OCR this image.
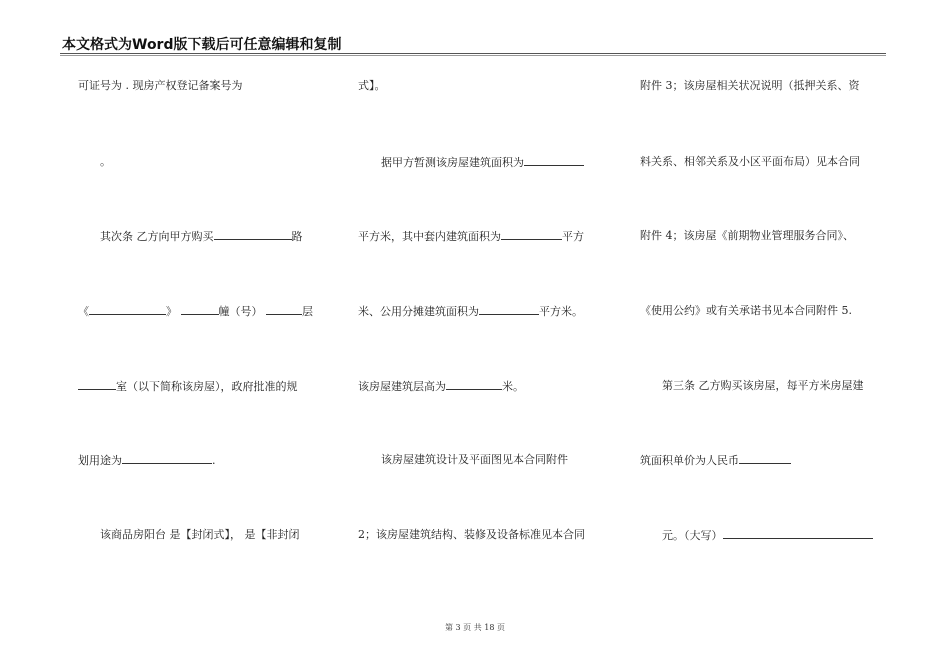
本文格式为Word版下载后可任意编辑和复制
可证号为 . 现房产权登记备案号为
。
其次条 乙方向甲方购买	路
《	》	幢（号）	层
室（以下简称该房屋），政府批准的规
划用途为	.
该商品房阳台 是【封闭式】， 是【非封闭
式】。
据甲方暂测该房屋建筑面积为
平方米，其中套内建筑面积为	平方
米、公用分摊建筑面积为	平方米。
该房屋建筑层高为	米。
该房屋建筑设计及平面图见本合同附件
2；该房屋建筑结构、装修及设备标准见本合同
附件 3；该房屋相关状况说明（抵押关系、资
料关系、相邻关系及小区平面布局）见本合同
附件 4；该房屋《前期物业管理服务合同》、
《使用公约》或有关承诺书见本合同附件 5.
第三条 乙方购买该房屋，每平方米房屋建
筑面积单价为人民币
元。（大写）
第 3 页 共 18 页
